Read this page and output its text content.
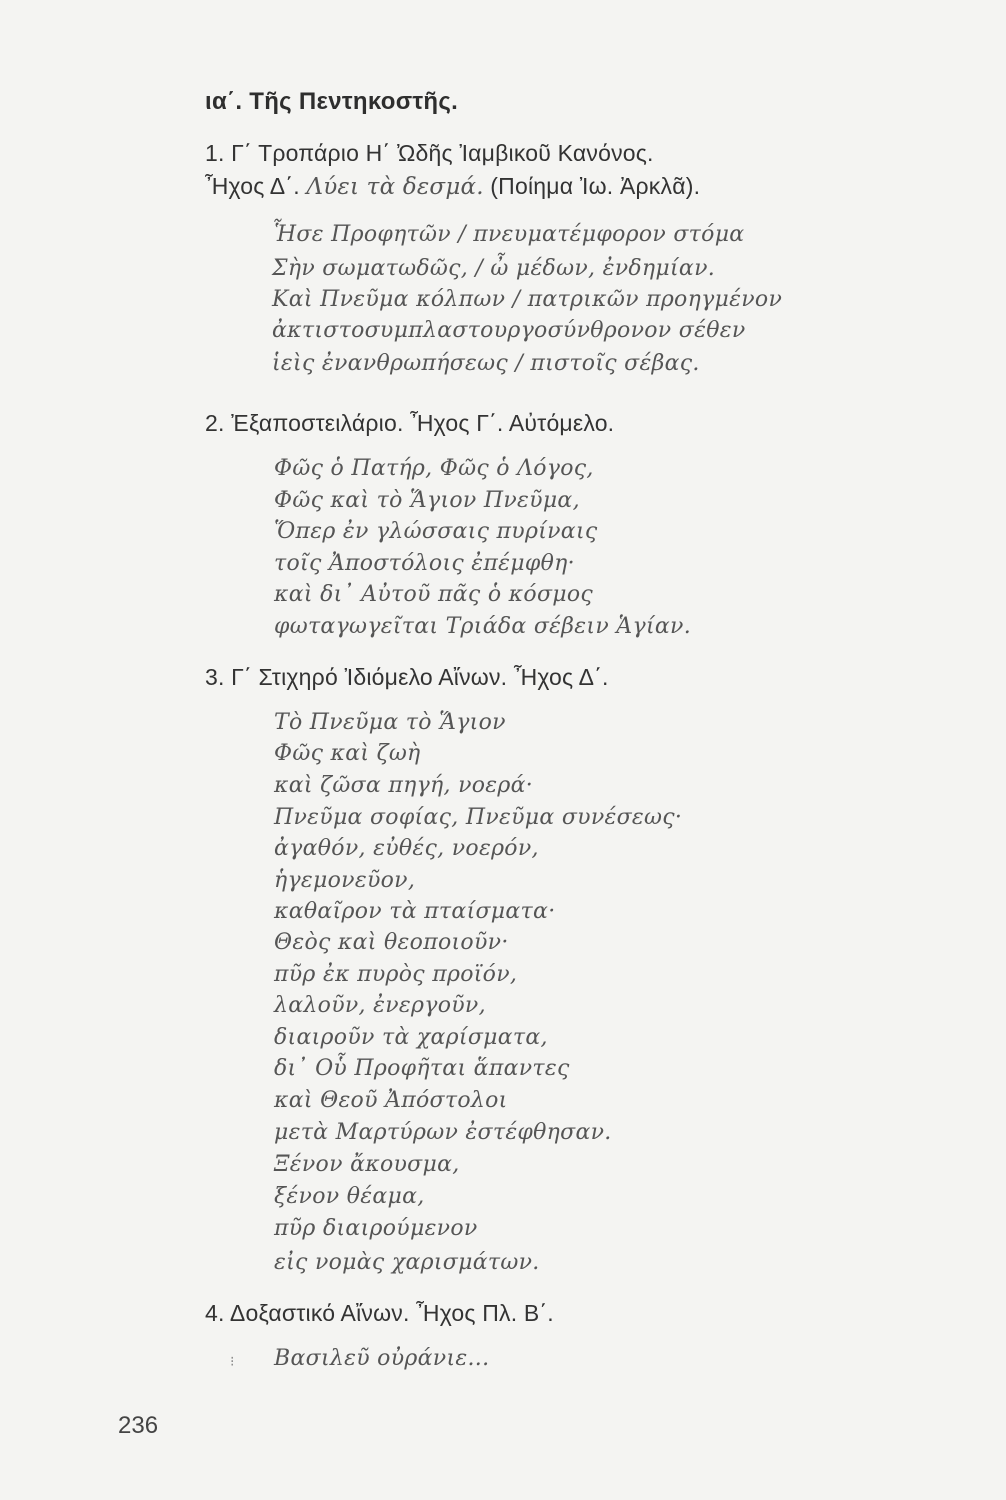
ια΄. Τῆς Πεντηκοστῆς.
1. Γ΄ Τροπάριο Η΄ Ὠδῆς Ἰαμβικοῦ Κανόνος.
Ἦχος Δ΄. Λύει τὰ δεσμά. (Ποίημα Ἰω. Ἀρκλᾶ).
Ἧσε Προφητῶν / πνευματέμφορον στόμα
Σὴν σωματωδῶς, / ὦ μέδων, ἐνδημίαν.
Καὶ Πνεῦμα κόλπων / πατρικῶν προηγμένον
ἀκτιστοσυμπλαστουργοσύνθρονον σέθεν
ἱεὶς ἐνανθρωπήσεως / πιστοῖς σέβας.
2. Ἐξαποστειλάριο. Ἦχος Γ΄. Αὐτόμελο.
Φῶς ὁ Πατήρ, Φῶς ὁ Λόγος,
Φῶς καὶ τὸ Ἅγιον Πνεῦμα,
Ὅπερ ἐν γλώσσαις πυρίναις
τοῖς Ἀποστόλοις ἐπέμφθη·
καὶ δι᾿ Αὐτοῦ πᾶς ὁ κόσμος
φωταγωγεῖται Τριάδα σέβειν Ἁγίαν.
3. Γ΄ Στιχηρό Ἰδιόμελο Αἴνων. Ἦχος Δ΄.
Τὸ Πνεῦμα τὸ Ἅγιον
Φῶς καὶ ζωὴ
καὶ ζῶσα πηγή, νοερά·
Πνεῦμα σοφίας, Πνεῦμα συνέσεως·
ἀγαθόν, εὐθές, νοερόν,
ἡγεμονεῦον,
καθαῖρον τὰ πταίσματα·
Θεὸς καὶ θεοποιοῦν·
πῦρ ἐκ πυρὸς προϊόν,
λαλοῦν, ἐνεργοῦν,
διαιροῦν τὰ χαρίσματα,
δι᾿ Οὗ Προφῆται ἅπαντες
καὶ Θεοῦ Ἀπόστολοι
μετὰ Μαρτύρων ἐστέφθησαν.
Ξένον ἄκουσμα,
ξένον θέαμα,
πῦρ διαιρούμενον
εἰς νομὰς χαρισμάτων.
4. Δοξαστικό Αἴνων. Ἦχος Πλ. Β΄.
⁝ Βασιλεῦ οὐράνιε...
236
